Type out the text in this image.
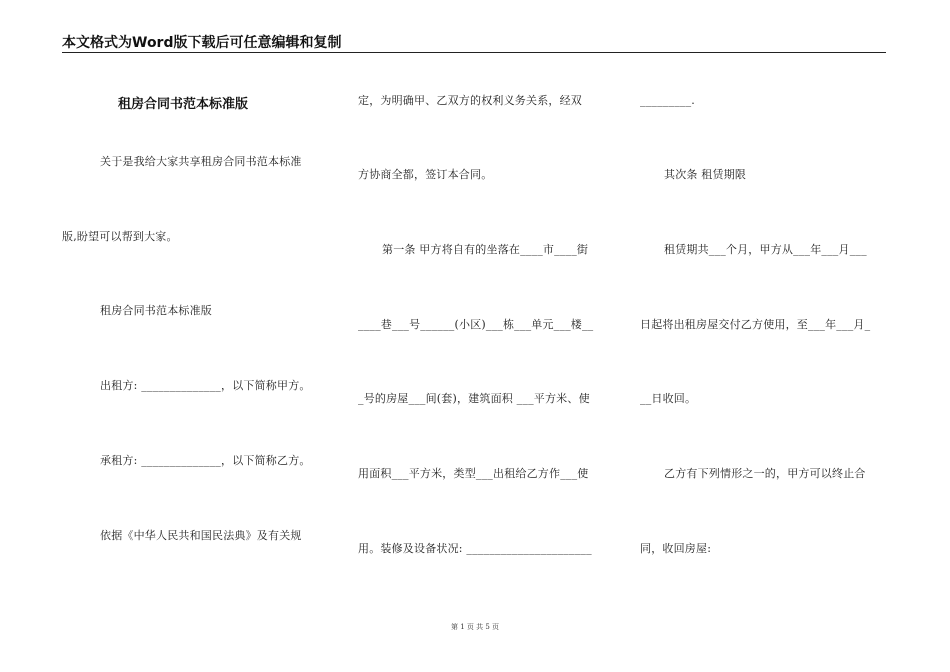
本文格式为Word版下载后可任意编辑和复制
租房合同书范本标准版
关于是我给大家共享租房合同书范本标准
版,盼望可以帮到大家。
租房合同书范本标准版
出租方: ______________，以下简称甲方。
承租方: ______________，以下简称乙方。
依据《中华人民共和国民法典》及有关规
定，为明确甲、乙双方的权利义务关系，经双
方协商全都，签订本合同。
第一条 甲方将自有的坐落在____市____街
____巷___号______(小区)___栋___单元___楼__
_号的房屋___间(套)，建筑面积 ___平方米、使
用面积___平方米，类型___出租给乙方作___使
用。装修及设备状况: ______________________
_________.
其次条 租赁期限
租赁期共___个月，甲方从___年___月___
日起将出租房屋交付乙方使用，至___年___月_
__日收回。
乙方有下列情形之一的，甲方可以终止合
同，收回房屋:
第 1 页 共 5 页
